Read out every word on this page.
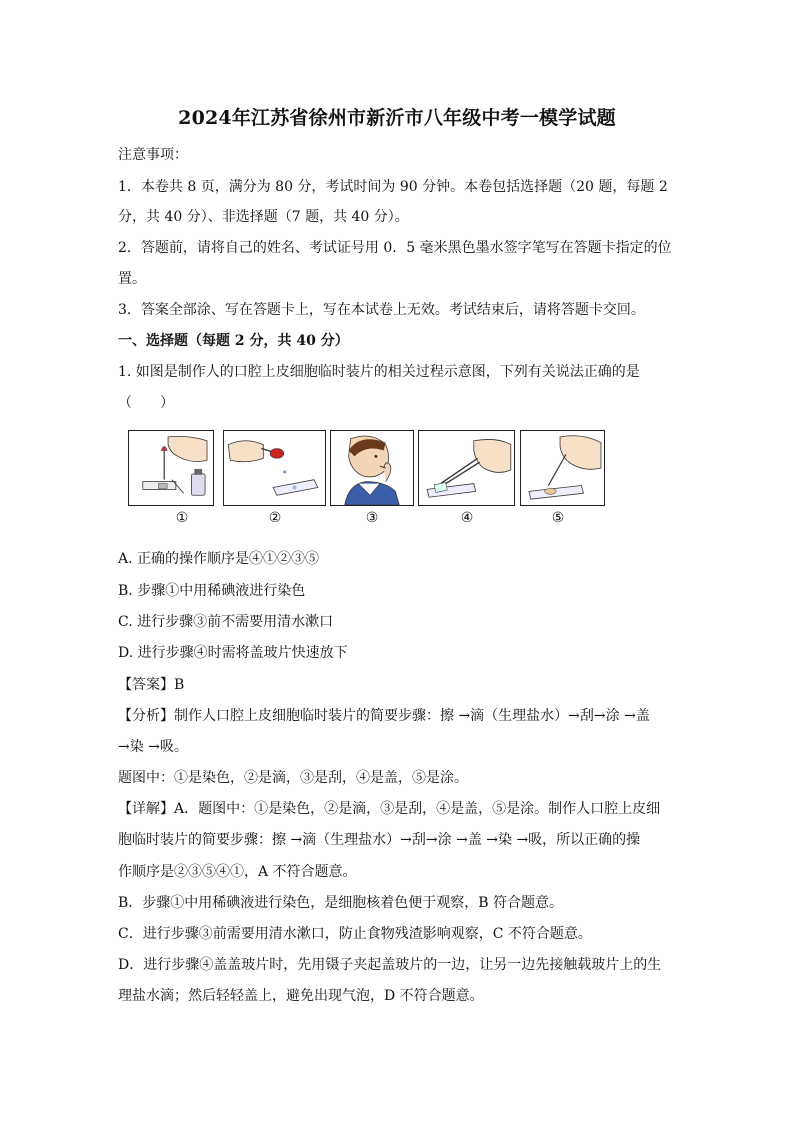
2024年江苏省徐州市新沂市八年级中考一模学试题
注意事项：
1．本卷共 8 页，满分为 80 分，考试时间为 90 分钟。本卷包括选择题（20 题，每题 2
分，共 40 分）、非选择题（7 题，共 40 分）。
2．答题前，请将自己的姓名、考试证号用 0．5 毫米黑色墨水签字笔写在答题卡指定的位
置。
3．答案全部涂、写在答题卡上，写在本试卷上无效。考试结束后，请将答题卡交回。
一、选择题（每题 2 分，共 40 分）
1. 如图是制作人的口腔上皮细胞临时装片的相关过程示意图，下列有关说法正确的是
（　　）
①	②	③	④	⑤
A. 正确的操作顺序是④①②③⑤
B. 步骤①中用稀碘液进行染色
C. 进行步骤③前不需要用清水漱口
D. 进行步骤④时需将盖玻片快速放下
【答案】B
【分析】制作人口腔上皮细胞临时装片的简要步骤：擦 →滴（生理盐水）→刮→涂 →盖
→染 →吸。
题图中：①是染色，②是滴，③是刮，④是盖，⑤是涂。
【详解】A．题图中：①是染色，②是滴，③是刮，④是盖，⑤是涂。制作人口腔上皮细
胞临时装片的简要步骤：擦 →滴（生理盐水）→刮→涂 →盖 →染 →吸，所以正确的操
作顺序是②③⑤④①，A 不符合题意。
B．步骤①中用稀碘液进行染色，是细胞核着色便于观察，B 符合题意。
C．进行步骤③前需要用清水漱口，防止食物残渣影响观察，C 不符合题意。
D．进行步骤④盖盖玻片时，先用镊子夹起盖玻片的一边，让另一边先接触载玻片上的生
理盐水滴；然后轻轻盖上，避免出现气泡，D 不符合题意。
